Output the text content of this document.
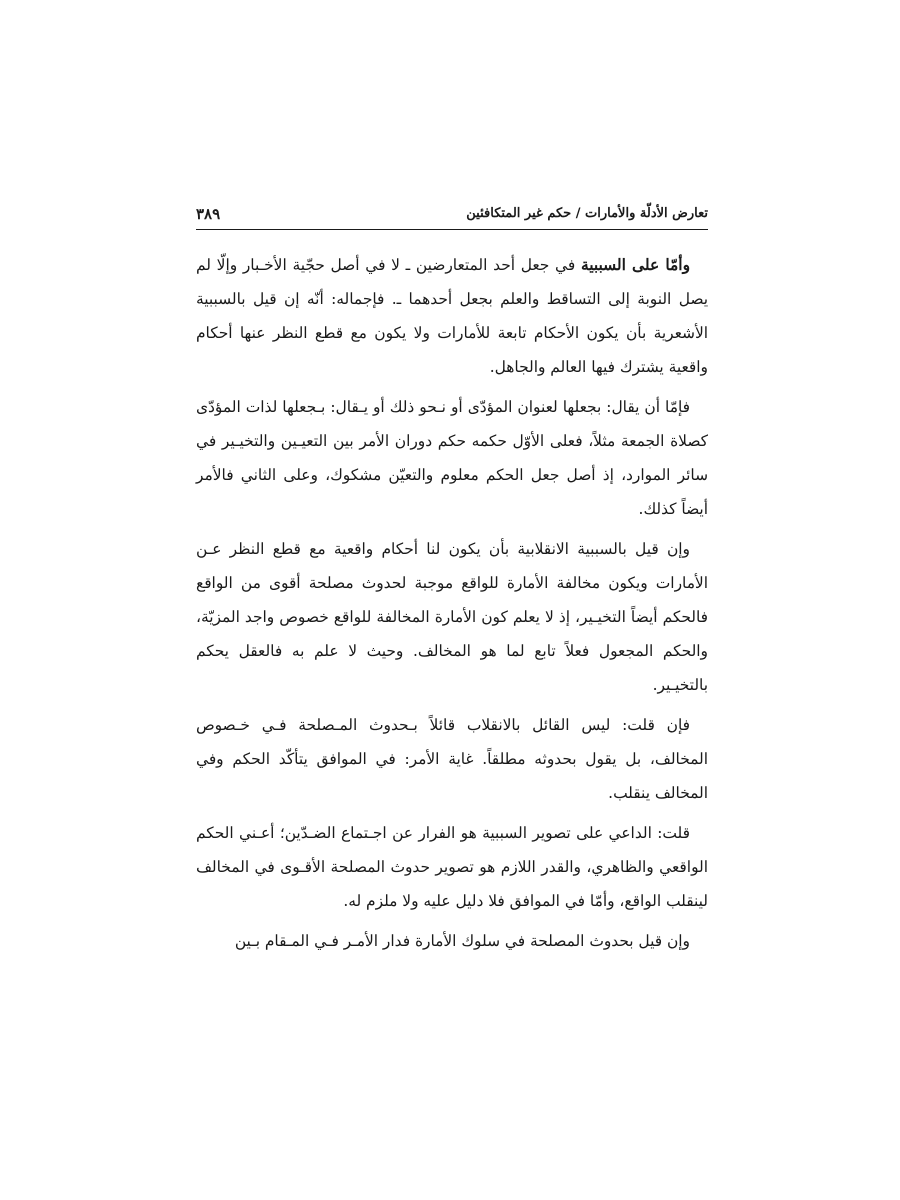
تعارض الأدلّة والأمارات / حكم غير المتكافئين
٣٨٩

وأمّا على السببية في جعل أحد المتعارضين ـ لا في أصل حجّية الأخـبار وإلّا لم يصل النوبة إلى التساقط والعلم بجعل أحدهما ـ. فإجماله: أنّه إن قيل بالسببية الأشعرية بأن يكون الأحكام تابعة للأمارات ولا يكون مع قطع النظر عنها أحكام واقعية يشترك فيها العالم والجاهل.

فإمّا أن يقال: بجعلها لعنوان المؤدّى أو نـحو ذلك أو يـقال: بـجعلها لذات المؤدّى كصلاة الجمعة مثلاً، فعلى الأوّل حكمه حكم دوران الأمر بين التعيـين والتخيـير في سائر الموارد، إذ أصل جعل الحكم معلوم والتعيّن مشكوك، وعلى الثاني فالأمر أيضاً كذلك.

وإن قيل بالسببية الانقلابية بأن يكون لنا أحكام واقعية مع قطع النظر عـن الأمارات ويكون مخالفة الأمارة للواقع موجبة لحدوث مصلحة أقوى من الواقع فالحكم أيضاً التخيـير، إذ لا يعلم كون الأمارة المخالفة للواقع خصوص واجد المزيّة، والحكم المجعول فعلاً تابع لما هو المخالف. وحيث لا علم به فالعقل يحكم بالتخيـير.

فإن قلت: ليس القائل بالانقلاب قائلاً بـحدوث المـصلحة فـي خـصوص المخالف، بل يقول بحدوثه مطلقاً. غاية الأمر: في الموافق يتأكّد الحكم وفي المخالف ينقلب.

قلت: الداعي على تصوير السببية هو الفرار عن اجـتماع الضـدّين؛ أعـني الحكم الواقعي والظاهري، والقدر اللازم هو تصوير حدوث المصلحة الأقـوى في المخالف لينقلب الواقع، وأمّا في الموافق فلا دليل عليه ولا ملزم له.

وإن قيل بحدوث المصلحة في سلوك الأمارة فدار الأمـر فـي المـقام بـين
